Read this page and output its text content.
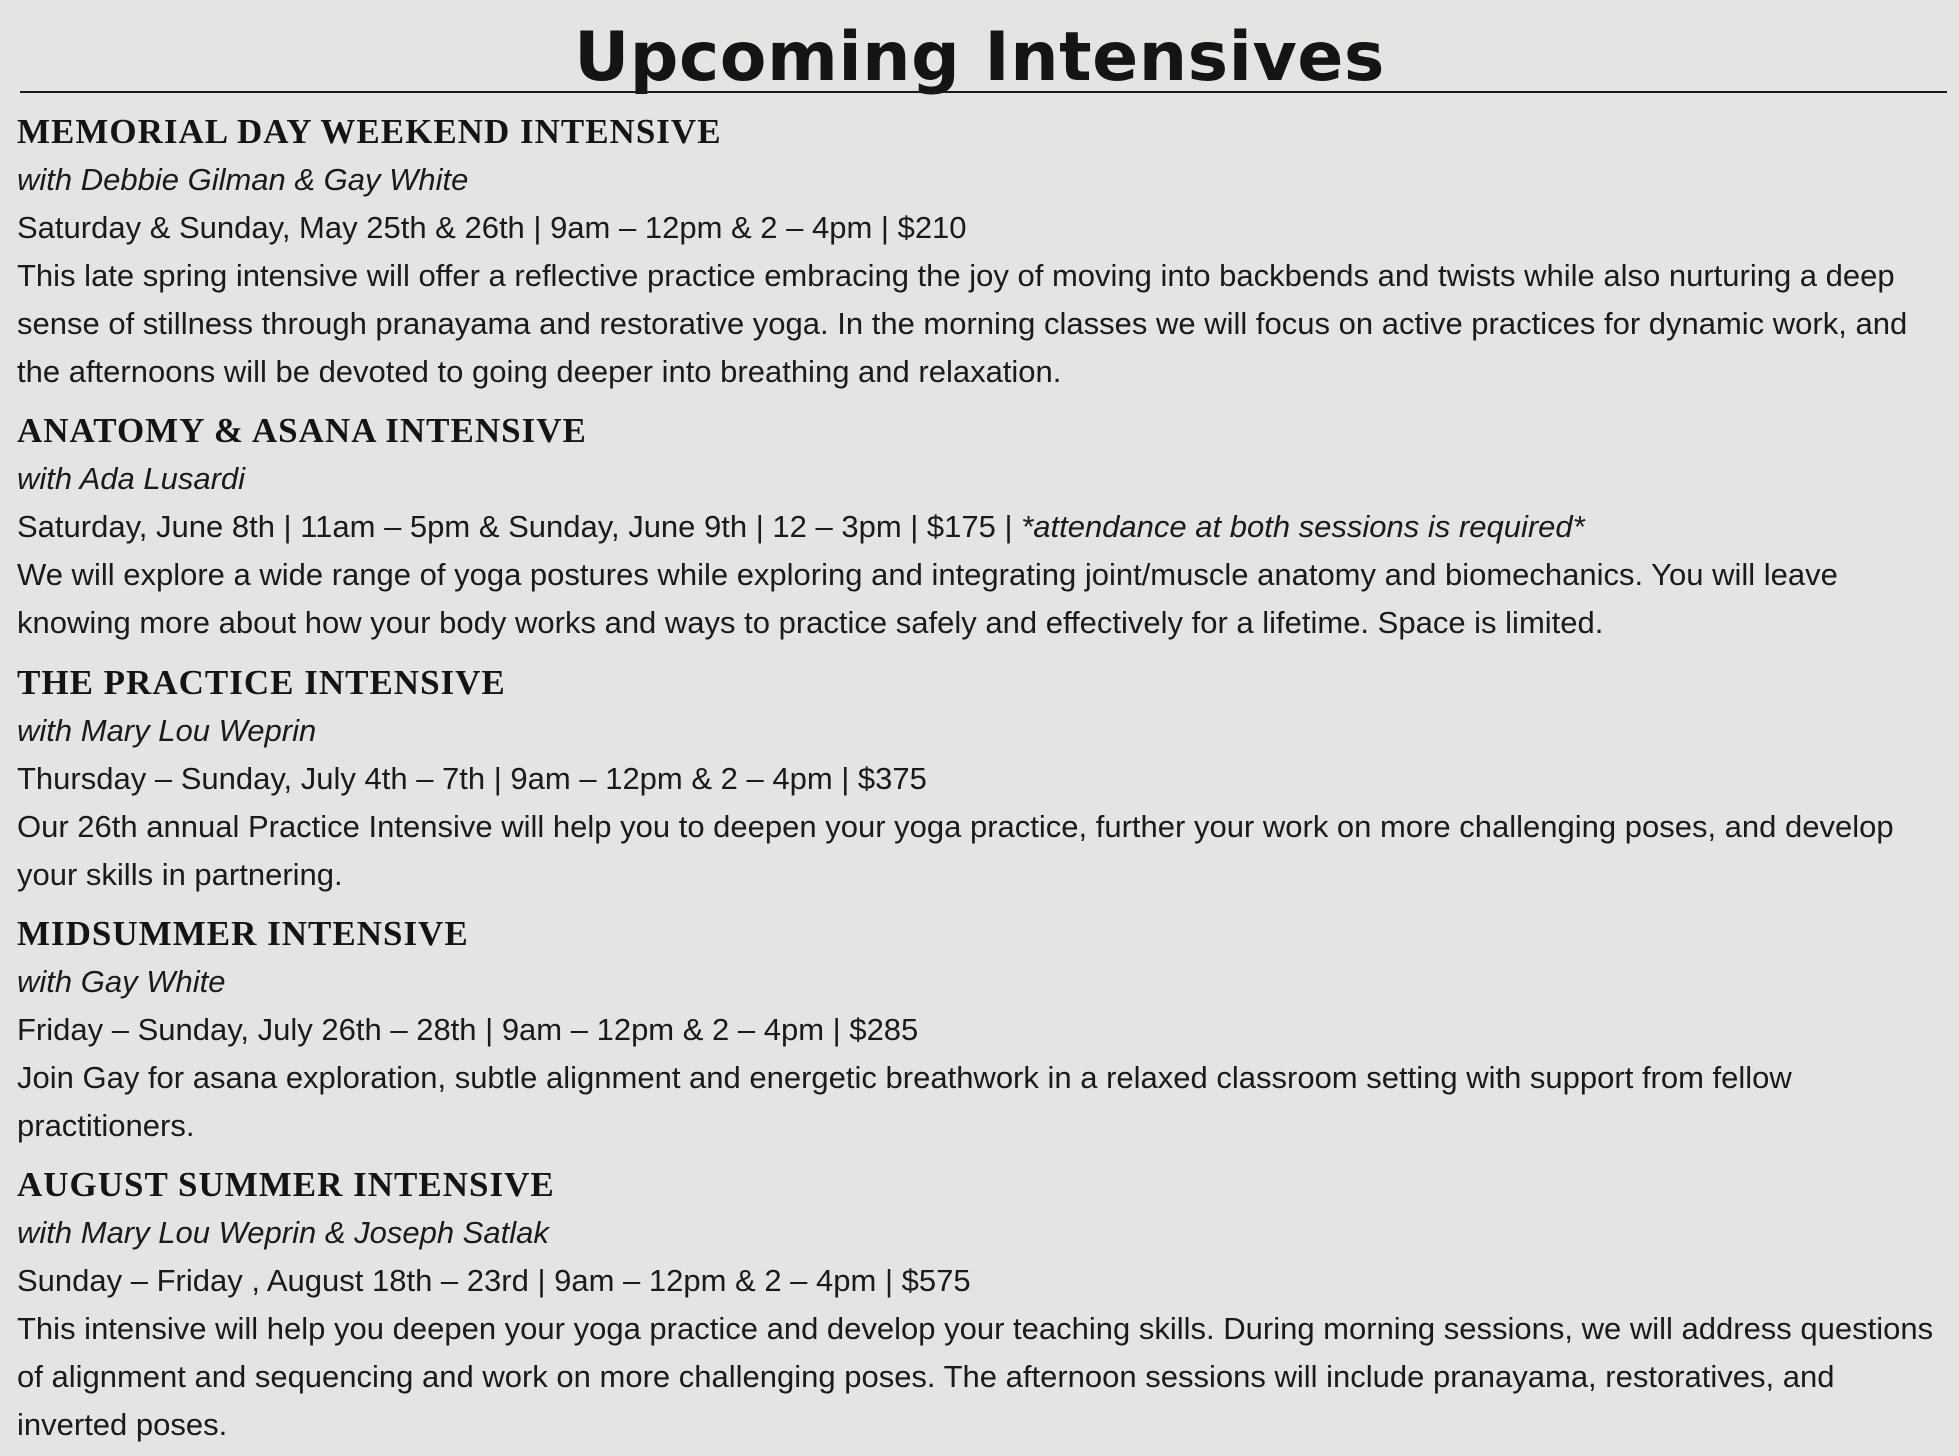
Upcoming Intensives
MEMORIAL DAY WEEKEND INTENSIVE
with Debbie Gilman & Gay White
Saturday & Sunday, May 25th & 26th | 9am – 12pm & 2 – 4pm | $210
This late spring intensive will offer a reflective practice embracing the joy of moving into backbends and twists while also nurturing a deep sense of stillness through pranayama and restorative yoga. In the morning classes we will focus on active practices for dynamic work, and the afternoons will be devoted to going deeper into breathing and relaxation.
ANATOMY & ASANA INTENSIVE
with Ada Lusardi
Saturday, June 8th | 11am – 5pm & Sunday, June 9th | 12 – 3pm | $175 | *attendance at both sessions is required*
We will explore a wide range of yoga postures while exploring and integrating joint/muscle anatomy and biomechanics. You will leave knowing more about how your body works and ways to practice safely and effectively for a lifetime. Space is limited.
THE PRACTICE INTENSIVE
with Mary Lou Weprin
Thursday – Sunday, July 4th – 7th | 9am – 12pm & 2 – 4pm | $375
Our 26th annual Practice Intensive will help you to deepen your yoga practice, further your work on more challenging poses, and develop your skills in partnering.
MIDSUMMER INTENSIVE
with Gay White
Friday – Sunday, July 26th – 28th | 9am – 12pm & 2 – 4pm | $285
Join Gay for asana exploration, subtle alignment and energetic breathwork in a relaxed classroom setting with support from fellow practitioners.
AUGUST SUMMER INTENSIVE
with Mary Lou Weprin & Joseph Satlak
Sunday – Friday , August 18th – 23rd | 9am – 12pm & 2 – 4pm | $575
This intensive will help you deepen your yoga practice and develop your teaching skills. During morning sessions, we will address questions of alignment and sequencing and work on more challenging poses. The afternoon sessions will include pranayama, restoratives, and inverted poses.
